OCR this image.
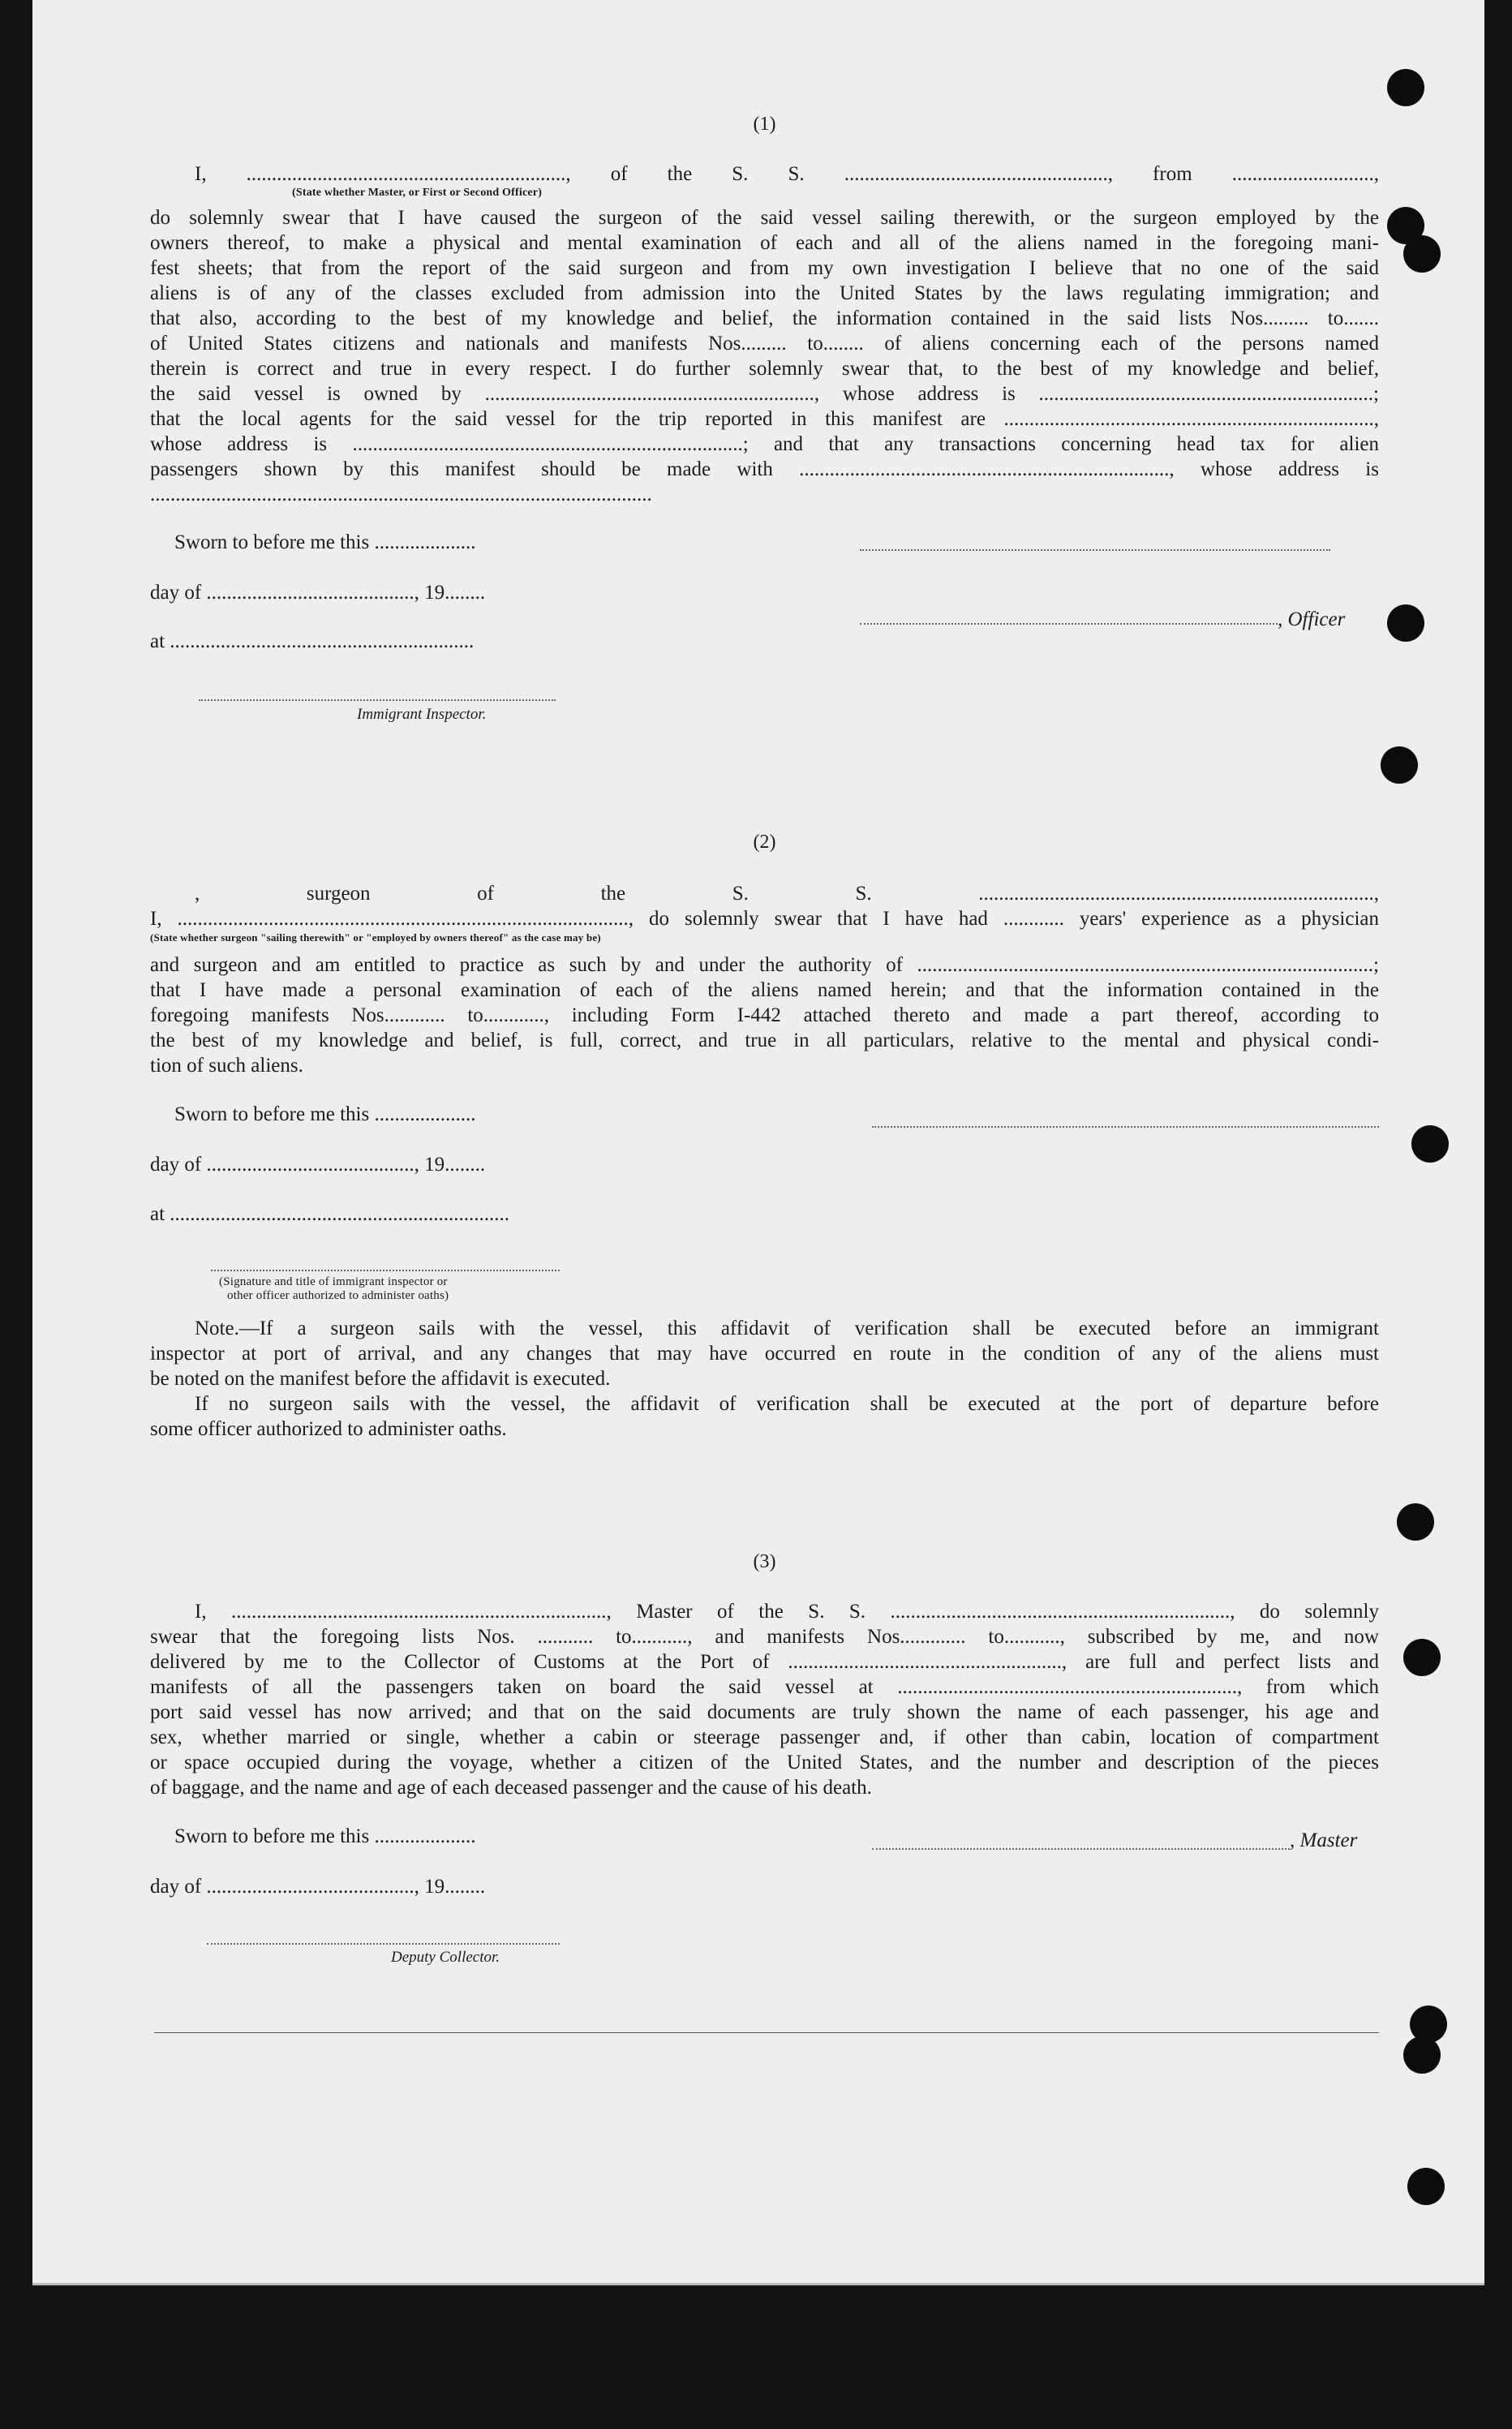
(1)
I, ..............................................................., of the S. S. ...................................................., from ............................,
(State whether Master, or First or Second Officer)
do solemnly swear that I have caused the surgeon of the said vessel sailing therewith, or the surgeon employed by the
owners thereof, to make a physical and mental examination of each and all of the aliens named in the foregoing mani-
fest sheets; that from the report of the said surgeon and from my own investigation I believe that no one of the said
aliens is of any of the classes excluded from admission into the United States by the laws regulating immigration; and
that also, according to the best of my knowledge and belief, the information contained in the said lists Nos......... to.......
of United States citizens and nationals and manifests Nos......... to........ of aliens concerning each of the persons named
therein is correct and true in every respect. I do further solemnly swear that, to the best of my knowledge and belief,
the said vessel is owned by ................................................................., whose address is ..................................................................;
that the local agents for the said vessel for the trip reported in this manifest are .........................................................................,
whose address is .............................................................................; and that any transactions concerning head tax for alien
passengers shown by this manifest should be made with ........................................................................., whose address is
...................................................................................................
Sworn to before me this ....................
day of ........................................., 19........
, Officer
at ............................................................
Immigrant Inspector.
(2)
, surgeon of the S. S. ..............................................................................,
I, ........................................................................................., do solemnly swear that I have had ............ years' experience as a physician
(State whether surgeon "sailing therewith" or "employed by owners thereof" as the case may be)
and surgeon and am entitled to practice as such by and under the authority of ..........................................................................................;
that I have made a personal examination of each of the aliens named herein; and that the information contained in the
foregoing manifests Nos............ to............, including Form I-442 attached thereto and made a part thereof, according to
the best of my knowledge and belief, is full, correct, and true in all particulars, relative to the mental and physical condi-
tion of such aliens.
Sworn to before me this ....................
day of ........................................., 19........
at ...................................................................
(Signature and title of immigrant inspector or
other officer authorized to administer oaths)
Note.—If a surgeon sails with the vessel, this affidavit of verification shall be executed before an immigrant
inspector at port of arrival, and any changes that may have occurred en route in the condition of any of the aliens must
be noted on the manifest before the affidavit is executed.
If no surgeon sails with the vessel, the affidavit of verification shall be executed at the port of departure before
some officer authorized to administer oaths.
(3)
I, .........................................................................., Master of the S. S. ..................................................................., do solemnly
swear that the foregoing lists Nos. ........... to..........., and manifests Nos............. to..........., subscribed by me, and now
delivered by me to the Collector of Customs at the Port of ......................................................, are full and perfect lists and
manifests of all the passengers taken on board the said vessel at ..................................................................., from which
port said vessel has now arrived; and that on the said documents are truly shown the name of each passenger, his age and
sex, whether married or single, whether a cabin or steerage passenger and, if other than cabin, location of compartment
or space occupied during the voyage, whether a citizen of the United States, and the number and description of the pieces
of baggage, and the name and age of each deceased passenger and the cause of his death.
Sworn to before me this ....................	, Master
day of ........................................., 19........
Deputy Collector.
